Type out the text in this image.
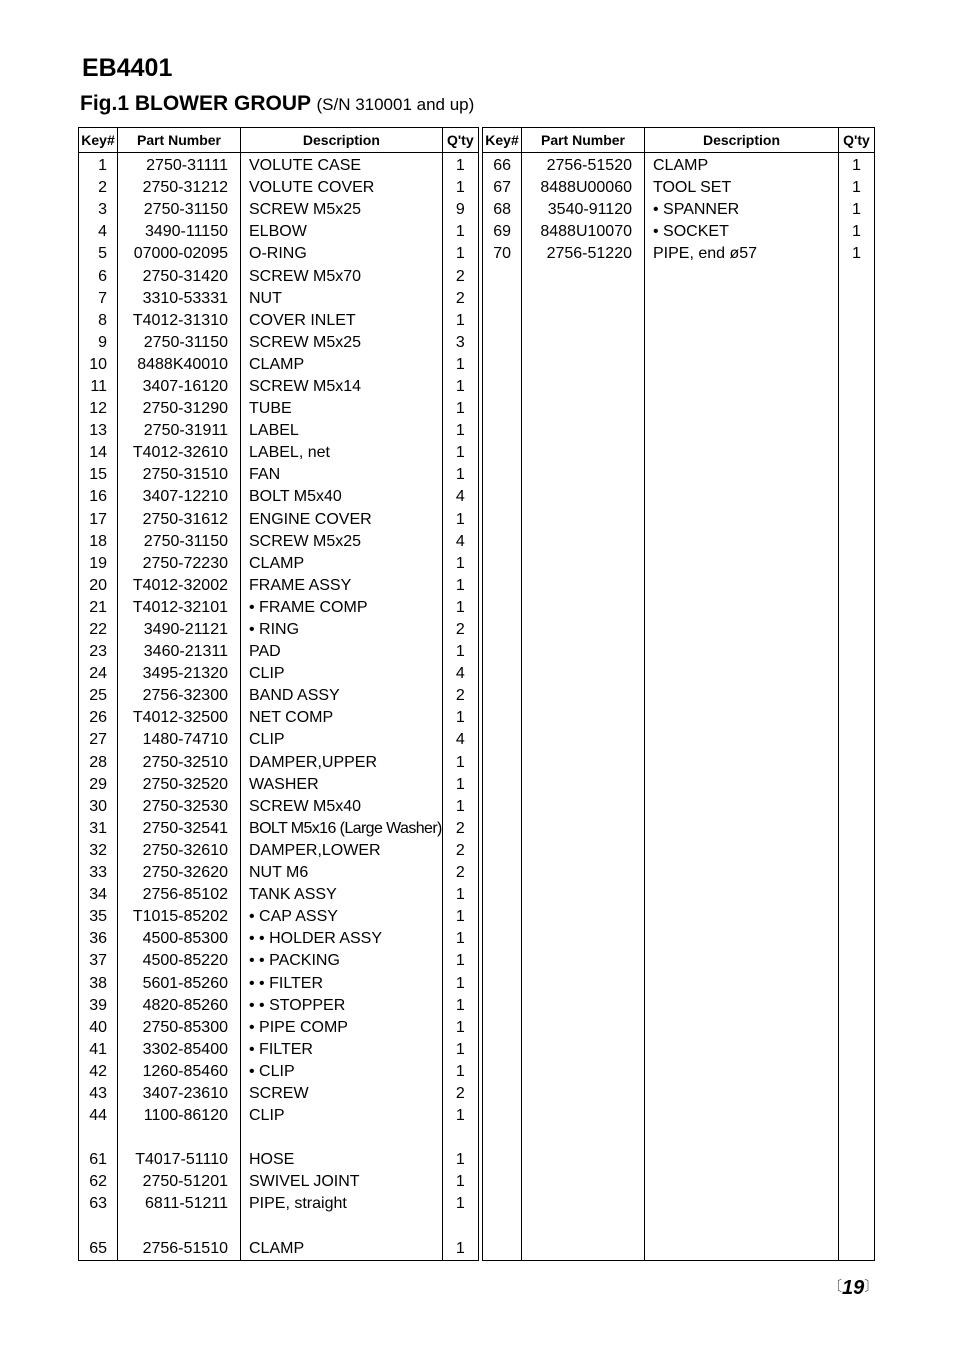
EB4401
Fig.1 BLOWER GROUP (S/N 310001 and up)
Key#	Part Number	Description	Q'ty
1	2750-31111	VOLUTE CASE	1
2	2750-31212	VOLUTE COVER	1
3	2750-31150	SCREW M5x25	9
4	3490-11150	ELBOW	1
5	07000-02095	O-RING	1
6	2750-31420	SCREW M5x70	2
7	3310-53331	NUT	2
8	T4012-31310	COVER INLET	1
9	2750-31150	SCREW M5x25	3
10	8488K40010	CLAMP	1
11	3407-16120	SCREW M5x14	1
12	2750-31290	TUBE	1
13	2750-31911	LABEL	1
14	T4012-32610	LABEL, net	1
15	2750-31510	FAN	1
16	3407-12210	BOLT M5x40	4
17	2750-31612	ENGINE COVER	1
18	2750-31150	SCREW M5x25	4
19	2750-72230	CLAMP	1
20	T4012-32002	FRAME ASSY	1
21	T4012-32101	• FRAME COMP	1
22	3490-21121	• RING	2
23	3460-21311	PAD	1
24	3495-21320	CLIP	4
25	2756-32300	BAND ASSY	2
26	T4012-32500	NET COMP	1
27	1480-74710	CLIP	4
28	2750-32510	DAMPER,UPPER	1
29	2750-32520	WASHER	1
30	2750-32530	SCREW M5x40	1
31	2750-32541	BOLT M5x16 (Large Washer)	2
32	2750-32610	DAMPER,LOWER	2
33	2750-32620	NUT M6	2
34	2756-85102	TANK ASSY	1
35	T1015-85202	• CAP ASSY	1
36	4500-85300	• • HOLDER ASSY	1
37	4500-85220	• • PACKING	1
38	5601-85260	• • FILTER	1
39	4820-85260	• • STOPPER	1
40	2750-85300	• PIPE COMP	1
41	3302-85400	• FILTER	1
42	1260-85460	• CLIP	1
43	3407-23610	SCREW	2
44	1100-86120	CLIP	1

61	T4017-51110	HOSE	1
62	2750-51201	SWIVEL JOINT	1
63	6811-51211	PIPE, straight	1

65	2756-51510	CLAMP	1
Key#	Part Number	Description	Q'ty
66	2756-51520	CLAMP	1
67	8488U00060	TOOL SET	1
68	3540-91120	• SPANNER	1
69	8488U10070	• SOCKET	1
70	2756-51220	PIPE, end ø57	1

〔19〕
